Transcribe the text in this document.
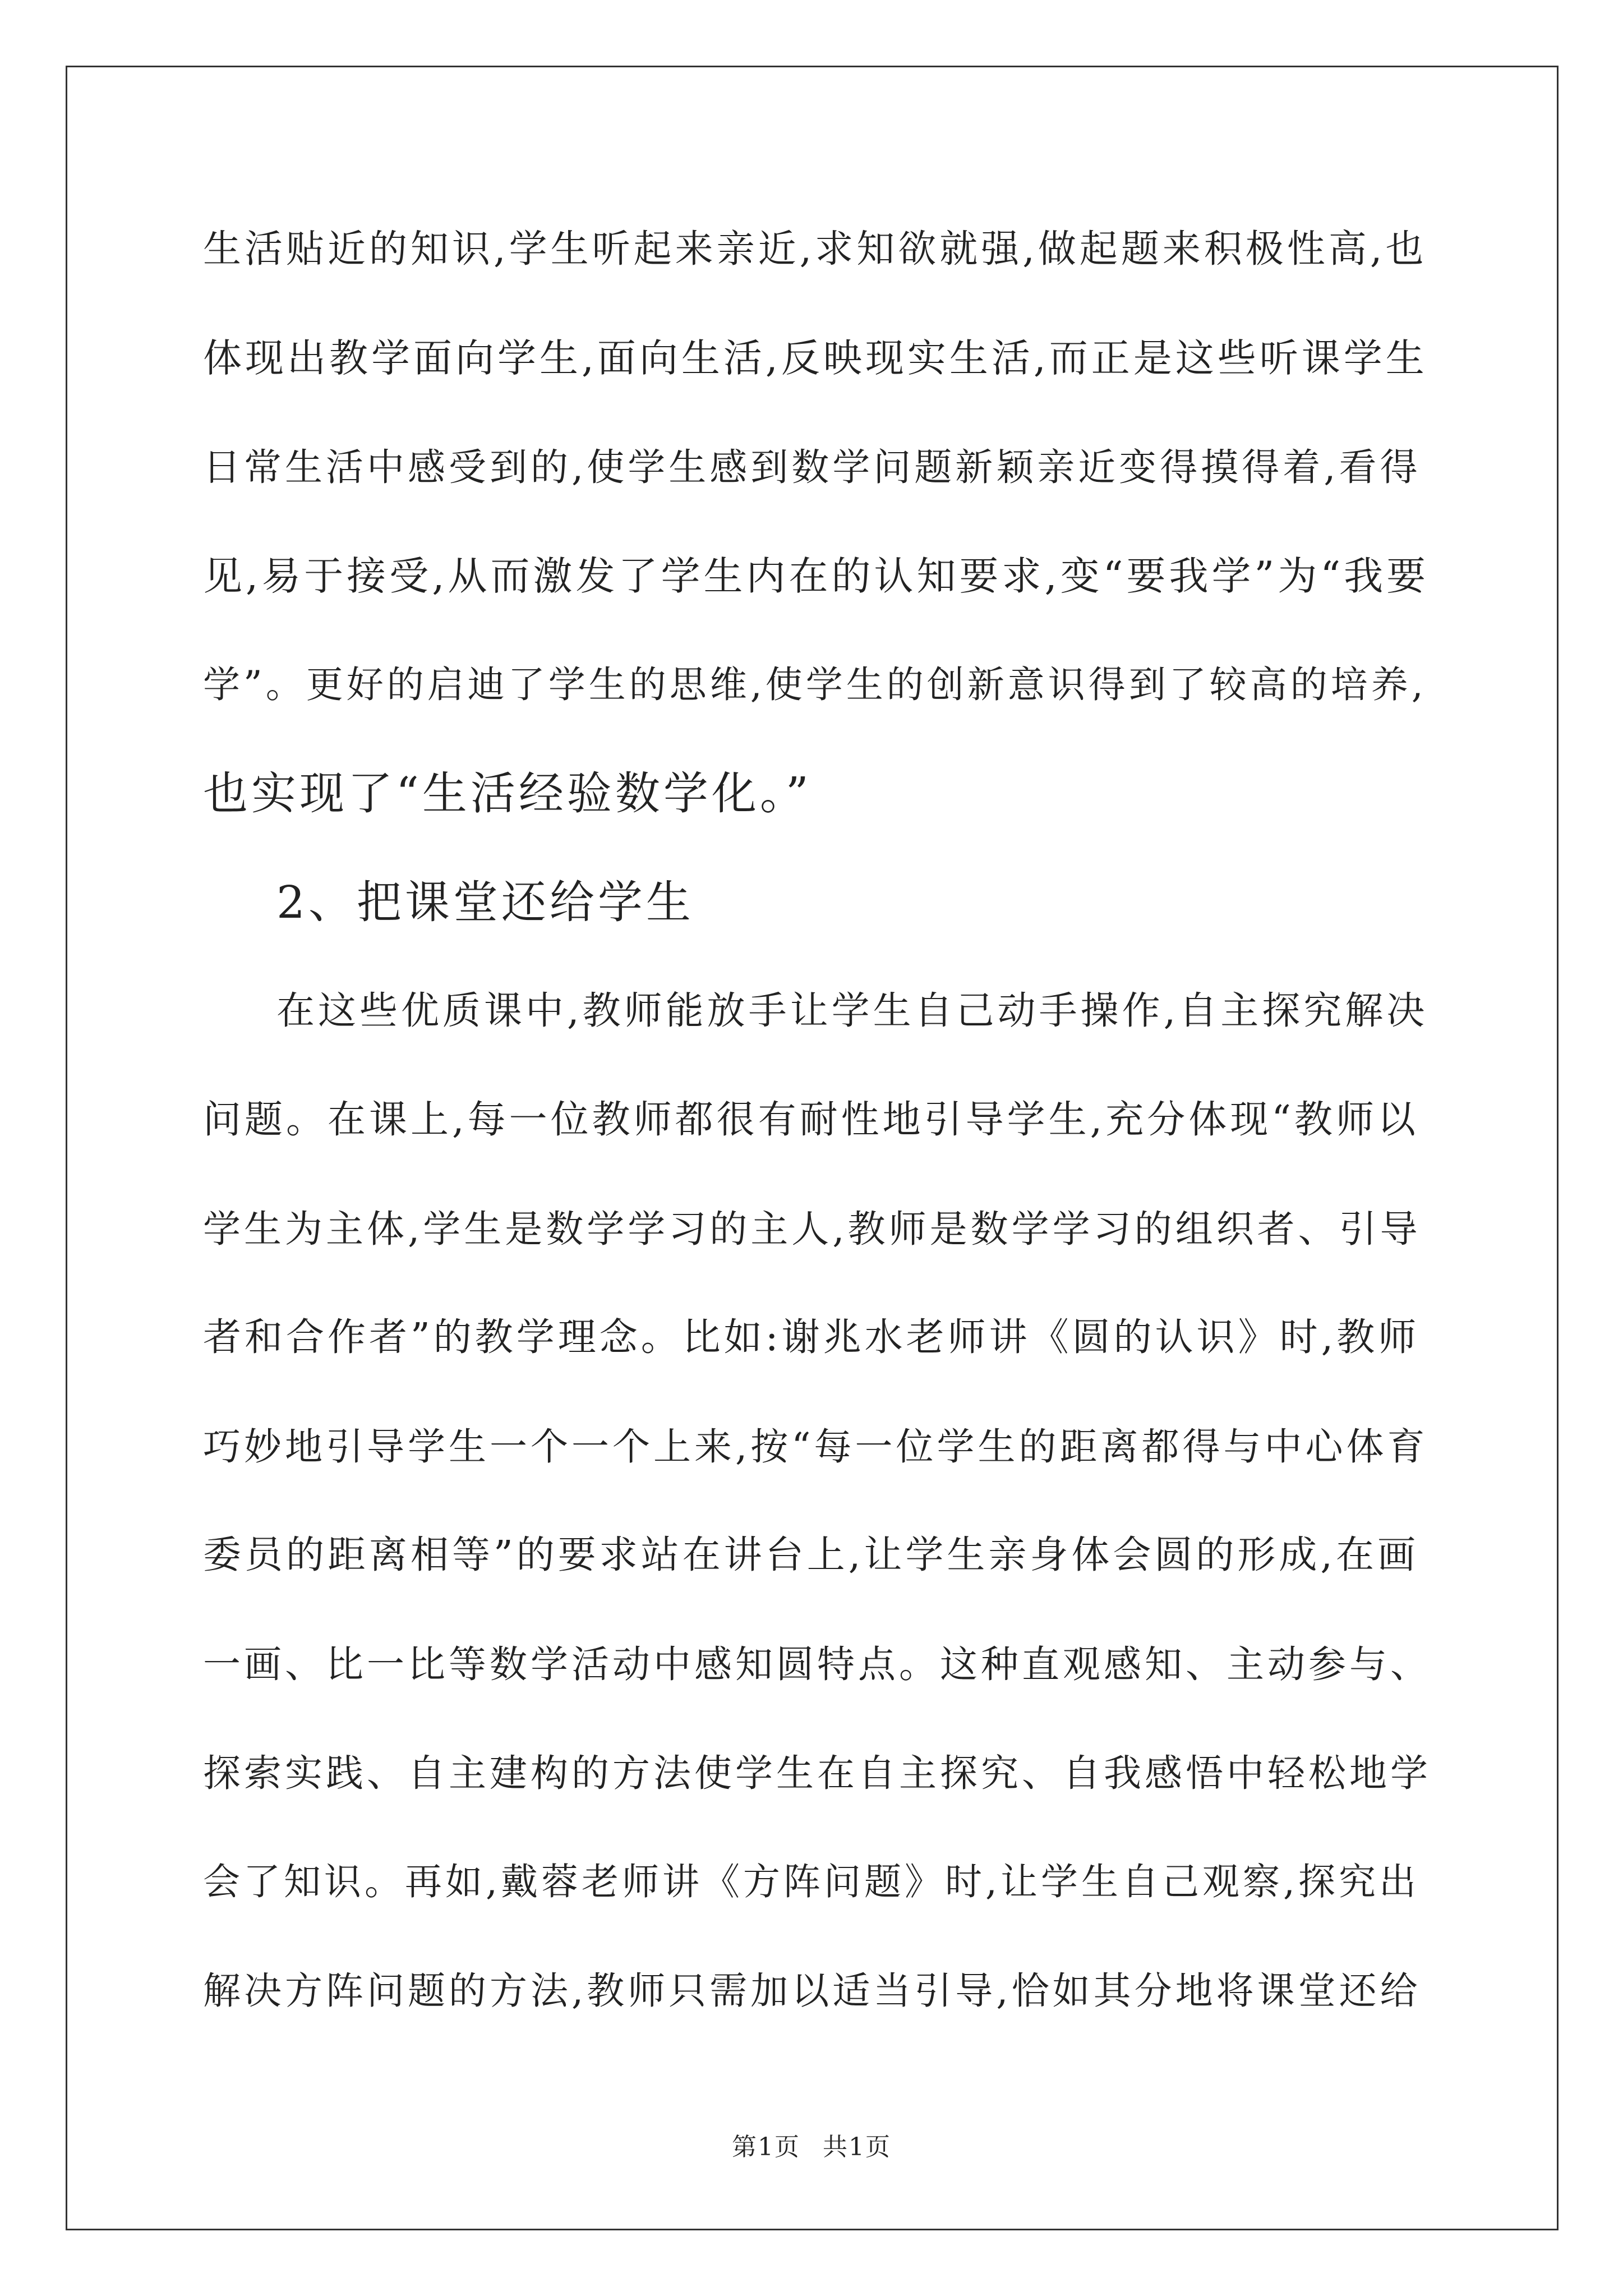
生活贴近的知识,学生听起来亲近,求知欲就强,做起题来积极性高,也
体现出教学面向学生,面向生活,反映现实生活,而正是这些听课学生
日常生活中感受到的,使学生感到数学问题新颖亲近变得摸得着,看得
见,易于接受,从而激发了学生内在的认知要求,变“要我学”为“我要
学”。更好的启迪了学生的思维,使学生的创新意识得到了较高的培养,
也实现了“生活经验数学化。”
2、把课堂还给学生
在这些优质课中,教师能放手让学生自己动手操作,自主探究解决
问题。在课上,每一位教师都很有耐性地引导学生,充分体现“教师以
学生为主体,学生是数学学习的主人,教师是数学学习的组织者、引导
者和合作者”的教学理念。比如:谢兆水老师讲《圆的认识》时,教师
巧妙地引导学生一个一个上来,按“每一位学生的距离都得与中心体育
委员的距离相等”的要求站在讲台上,让学生亲身体会圆的形成,在画
一画、比一比等数学活动中感知圆特点。这种直观感知、主动参与、
探索实践、自主建构的方法使学生在自主探究、自我感悟中轻松地学
会了知识。再如,戴蓉老师讲《方阵问题》时,让学生自己观察,探究出
解决方阵问题的方法,教师只需加以适当引导,恰如其分地将课堂还给
第1页 共1页
